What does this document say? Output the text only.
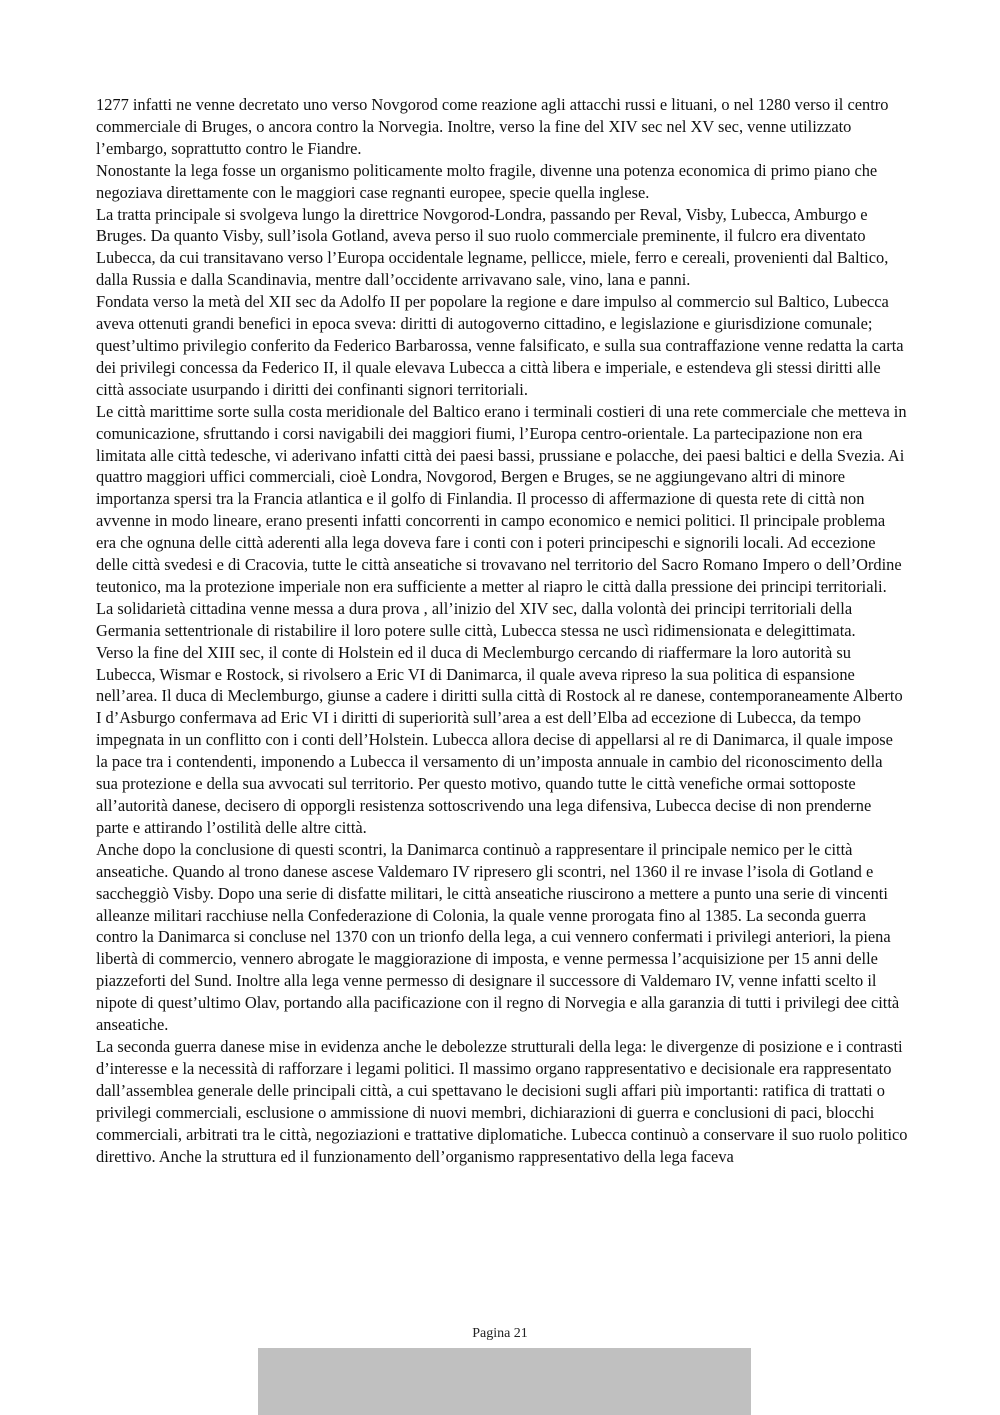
1277 infatti ne venne decretato uno verso Novgorod come reazione agli attacchi russi e lituani, o nel 1280 verso il centro commerciale di Bruges, o ancora contro la Norvegia. Inoltre, verso la fine del XIV sec nel XV sec, venne utilizzato l’embargo, soprattutto contro le Fiandre.

Nonostante la lega fosse un organismo politicamente molto fragile, divenne una potenza economica di primo piano che negoziava direttamente con le maggiori case regnanti europee, specie quella inglese.

La tratta principale si svolgeva lungo la direttrice Novgorod-Londra, passando per Reval, Visby, Lubecca, Amburgo e Bruges. Da quanto Visby, sull’isola Gotland, aveva perso il suo ruolo commerciale preminente, il fulcro era diventato Lubecca, da cui transitavano verso l’Europa occidentale legname, pellicce, miele, ferro e cereali, provenienti dal Baltico, dalla Russia e dalla Scandinavia, mentre dall’occidente arrivavano sale, vino, lana e panni.

Fondata verso la metà del XII sec da Adolfo II per popolare la regione e dare impulso al commercio sul Baltico, Lubecca aveva ottenuti grandi benefici in epoca sveva: diritti di autogoverno cittadino, e legislazione e giurisdizione comunale; quest’ultimo privilegio conferito da Federico Barbarossa, venne falsificato, e sulla sua contraffazione venne redatta la carta dei privilegi concessa da Federico II, il quale elevava Lubecca a città libera e imperiale, e estendeva gli stessi diritti alle città associate usurpando i diritti dei confinanti signori territoriali.

Le città marittime sorte sulla costa meridionale del Baltico erano i terminali costieri di una rete commerciale che metteva in comunicazione, sfruttando i corsi navigabili dei maggiori fiumi, l’Europa centro-orientale. La partecipazione non era limitata alle città tedesche, vi aderivano infatti città dei paesi bassi, prussiane e polacche, dei paesi baltici e della Svezia. Ai quattro maggiori uffici commerciali, cioè Londra, Novgorod, Bergen e Bruges, se ne aggiungevano altri di minore importanza spersi tra la Francia atlantica e il golfo di Finlandia. Il processo di affermazione di questa rete di città non avvenne in modo lineare, erano presenti infatti concorrenti in campo economico e nemici politici. Il principale problema era che ognuna delle città aderenti alla lega doveva fare i conti con i poteri principeschi e signorili locali. Ad eccezione delle città svedesi e di Cracovia, tutte le città anseatiche si trovavano nel territorio del Sacro Romano Impero o dell’Ordine teutonico, ma la protezione imperiale non era sufficiente a metter al riapro le città dalla pressione dei principi territoriali. La solidarietà cittadina venne messa a dura prova , all’inizio del XIV sec, dalla volontà dei principi territoriali della Germania settentrionale di ristabilire il loro potere sulle città, Lubecca stessa ne uscì ridimensionata e delegittimata.

Verso la fine del XIII sec, il conte di Holstein ed il duca di Meclemburgo cercando di riaffermare la loro autorità su Lubecca, Wismar e Rostock, si rivolsero a Eric VI di Danimarca, il quale aveva ripreso la sua politica di espansione nell’area. Il duca di Meclemburgo, giunse a cadere i diritti sulla città di Rostock al re danese, contemporaneamente Alberto I d’Asburgo confermava ad Eric VI i diritti di superiorità sull’area a est dell’Elba ad eccezione di Lubecca, da tempo impegnata in un conflitto con i conti dell’Holstein. Lubecca allora decise di appellarsi al re di Danimarca, il quale impose la pace tra i contendenti, imponendo a Lubecca il versamento di un’imposta annuale in cambio del riconoscimento della sua protezione e della sua avvocati sul territorio. Per questo motivo, quando tutte le città venefiche ormai sottoposte all’autorità danese, decisero di opporgli resistenza sottoscrivendo una lega difensiva, Lubecca decise di non prenderne parte e attirando l’ostilità delle altre città.

Anche dopo la conclusione di questi scontri, la Danimarca continuò a rappresentare il principale nemico per le città anseatiche. Quando al trono danese ascese Valdemaro IV ripresero gli scontri, nel 1360 il re invase l’isola di Gotland e saccheggiò Visby. Dopo una serie di disfatte militari, le città anseatiche riuscirono a mettere a punto una serie di vincenti alleanze militari racchiuse nella Confederazione di Colonia, la quale venne prorogata fino al 1385. La seconda guerra contro la Danimarca si concluse nel 1370 con un trionfo della lega, a cui vennero confermati i privilegi anteriori, la piena libertà di commercio, vennero abrogate le maggiorazione di imposta, e venne permessa l’acquisizione per 15 anni delle piazzeforti del Sund. Inoltre alla lega venne permesso di designare il successore di Valdemaro IV, venne infatti scelto il nipote di quest’ultimo Olav, portando alla pacificazione con il regno di Norvegia e alla garanzia di tutti i privilegi dee città anseatiche.

La seconda guerra danese mise in evidenza anche le debolezze strutturali della lega: le divergenze di posizione e i contrasti d’interesse e la necessità di rafforzare i legami politici. Il massimo organo rappresentativo e decisionale era rappresentato dall’assemblea generale delle principali città, a cui spettavano le decisioni sugli affari più importanti: ratifica di trattati o privilegi commerciali, esclusione o ammissione di nuovi membri, dichiarazioni di guerra e conclusioni di paci, blocchi commerciali, arbitrati tra le città, negoziazioni e trattative diplomatiche. Lubecca continuò a conservare il suo ruolo politico direttivo. Anche la struttura ed il funzionamento dell’organismo rappresentativo della lega faceva

Pagina 21
